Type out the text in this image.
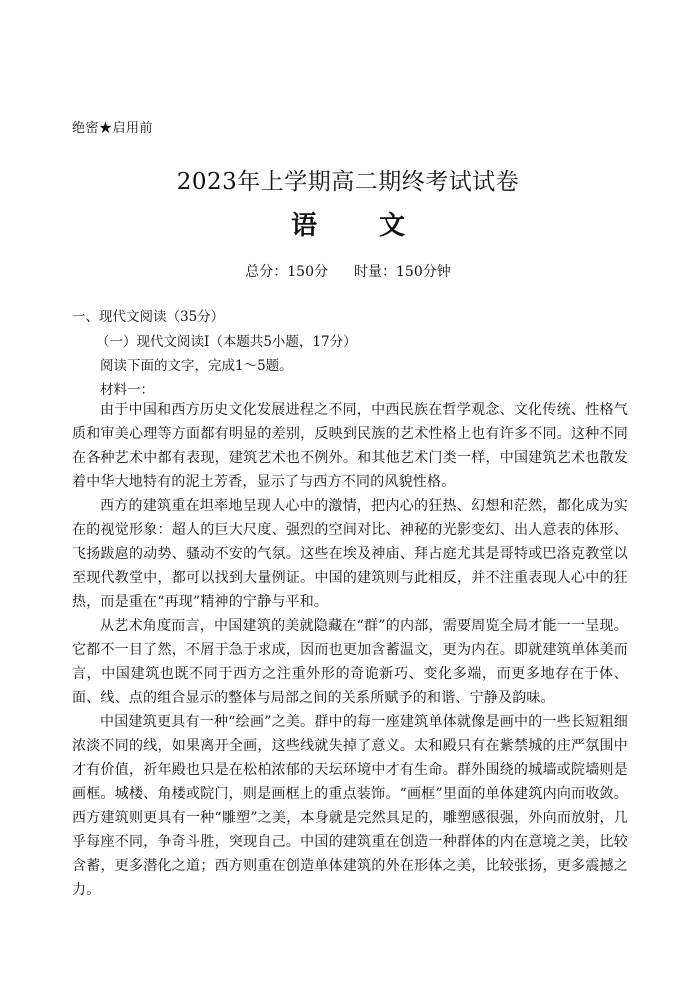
绝密★启用前
2023年上学期高二期终考试试卷
语 文
总分：150分 时量：150分钟
一、现代文阅读（35分）
（一）现代文阅读Ⅰ（本题共5小题，17分）
阅读下面的文字，完成1～5题。
材料一：

由于中国和西方历史文化发展进程之不同，中西民族在哲学观念、文化传统、性格气质和审美心理等方面都有明显的差别，反映到民族的艺术性格上也有许多不同。这种不同在各种艺术中都有表现，建筑艺术也不例外。和其他艺术门类一样，中国建筑艺术也散发着中华大地特有的泥土芳香，显示了与西方不同的风貌性格。

西方的建筑重在坦率地呈现人心中的激情，把内心的狂热、幻想和茫然，都化成为实在的视觉形象：超人的巨大尺度、强烈的空间对比、神秘的光影变幻、出人意表的体形、飞扬跋扈的动势、骚动不安的气氛。这些在埃及神庙、拜占庭尤其是哥特或巴洛克教堂以至现代教堂中，都可以找到大量例证。中国的建筑则与此相反，并不注重表现人心中的狂热，而是重在“再现”精神的宁静与平和。

从艺术角度而言，中国建筑的美就隐藏在“群”的内部，需要周览全局才能一一呈现。它都不一目了然，不屑于急于求成，因而也更加含蓄温文，更为内在。即就建筑单体美而言，中国建筑也既不同于西方之注重外形的奇诡新巧、变化多端，而更多地存在于体、面、线、点的组合显示的整体与局部之间的关系所赋予的和谐、宁静及韵味。

中国建筑更具有一种“绘画”之美。群中的每一座建筑单体就像是画中的一些长短粗细浓淡不同的线，如果离开全画，这些线就失掉了意义。太和殿只有在紫禁城的庄严氛围中才有价值，祈年殿也只是在松柏浓郁的天坛环境中才有生命。群外围绕的城墙或院墙则是画框。城楼、角楼或院门，则是画框上的重点装饰。“画框”里面的单体建筑内向而收敛。西方建筑则更具有一种“雕塑”之美，本身就是完然具足的，雕塑感很强，外向而放射，几乎每座不同，争奇斗胜，突现自己。中国的建筑重在创造一种群体的内在意境之美，比较含蓄，更多潜化之道；西方则重在创造单体建筑的外在形体之美，比较张扬，更多震撼之力。
